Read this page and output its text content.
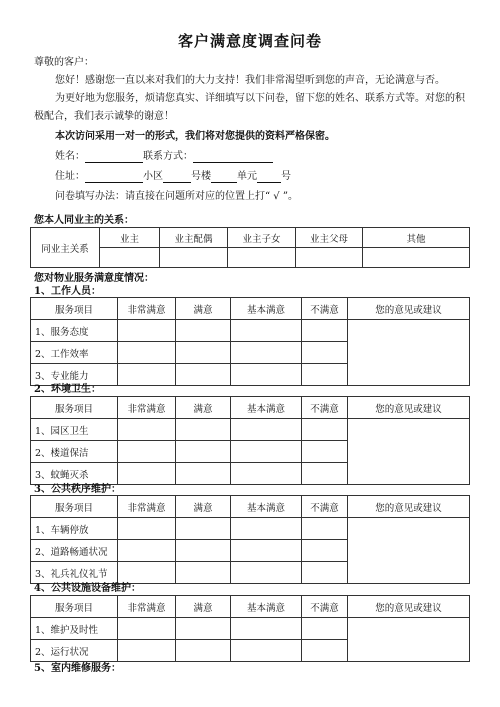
客户满意度调查问卷
尊敬的客户：
您好！感谢您一直以来对我们的大力支持！我们非常渴望听到您的声音，无论满意与否。
为更好地为您服务，烦请您真实、详细填写以下问卷，留下您的姓名、联系方式等。对您的积
极配合，我们表示诚挚的谢意！
本次访问采用一对一的形式，我们将对您提供的资料严格保密。
姓名：	联系方式：
住址：	小区	号楼	单元 号
问卷填写办法：请直接在问题所对应的位置上打“ √ ”。
您本人同业主的关系：
同业主关系	业主	业主配偶	业主子女	业主父母	其他

您对物业服务满意度情况：
1、工作人员：
服务项目	非常满意	满意	基本满意	不满意	您的意见或建议
1、服务态度					
2、工作效率					
3、专业能力					
2、环境卫生：
服务项目	非常满意	满意	基本满意	不满意	您的意见或建议
1、园区卫生					
2、楼道保洁					
3、蚊蝇灭杀					
3、公共秩序维护：
服务项目	非常满意	满意	基本满意	不满意	您的意见或建议
1、车辆停放					
2、道路畅通状况					
3、礼兵礼仪礼节					
4、公共设施设备维护：
服务项目	非常满意	满意	基本满意	不满意	您的意见或建议
1、维护及时性					
2、运行状况					
5、室内维修服务：
